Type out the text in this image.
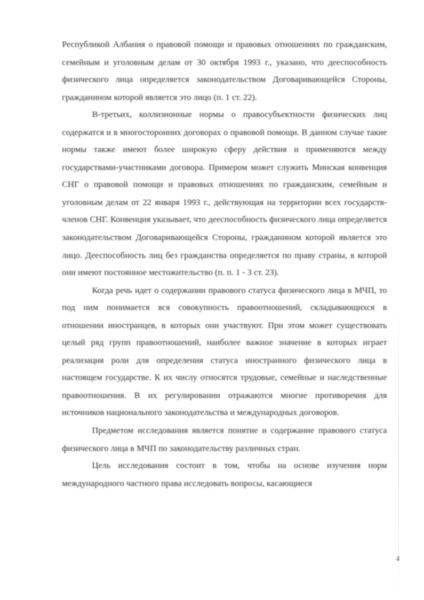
Республикой Албания о правовой помощи и правовых отношениях по гражданским, семейным и уголовным делам от 30 октября 1993 г., указано, что дееспособность физического лица определяется законодательством Договаривающейся Стороны, гражданином которой является это лицо (п. 1 ст. 22).

В-третьих, коллизионные нормы о правосубъектности физических лиц содержатся и в многосторонних договорах о правовой помощи. В данном случае такие нормы также имеют более широкую сферу действия и применяются между государствами-участниками договора. Примером может служить Минская конвенция СНГ о правовой помощи и правовых отношениях по гражданским, семейным и уголовным делам от 22 января 1993 г., действующая на территории всех государств-членов СНГ. Конвенция указывает, что дееспособность физического лица определяется законодательством Договаривающейся Стороны, гражданином которой является это лицо. Дееспособность лиц без гражданства определяется по праву страны, в которой они имеют постоянное местожительство (п. п. 1 - 3 ст. 23).

Когда речь идет о содержании правового статуса физического лица в МЧП, то под ним понимается вся совокупность правоотношений, складывающихся в отношении иностранцев, в которых они участвуют. При этом может существовать целый ряд групп правоотношений, наиболее важное значение в которых играет реализация роли для определения статуса иностранного физического лица в настоящем государстве. К их числу относятся трудовые, семейные и наследственные правоотношения. В их регулировании отражаются многие противоречия для источников национального законодательства и международных договоров.

Предметом исследования является понятие и содержание правового статуса физического лица в МЧП по законодательству различных стран.

Цель исследования состоит в том, чтобы на основе изучения норм международного частного права исследовать вопросы, касающиеся

4
